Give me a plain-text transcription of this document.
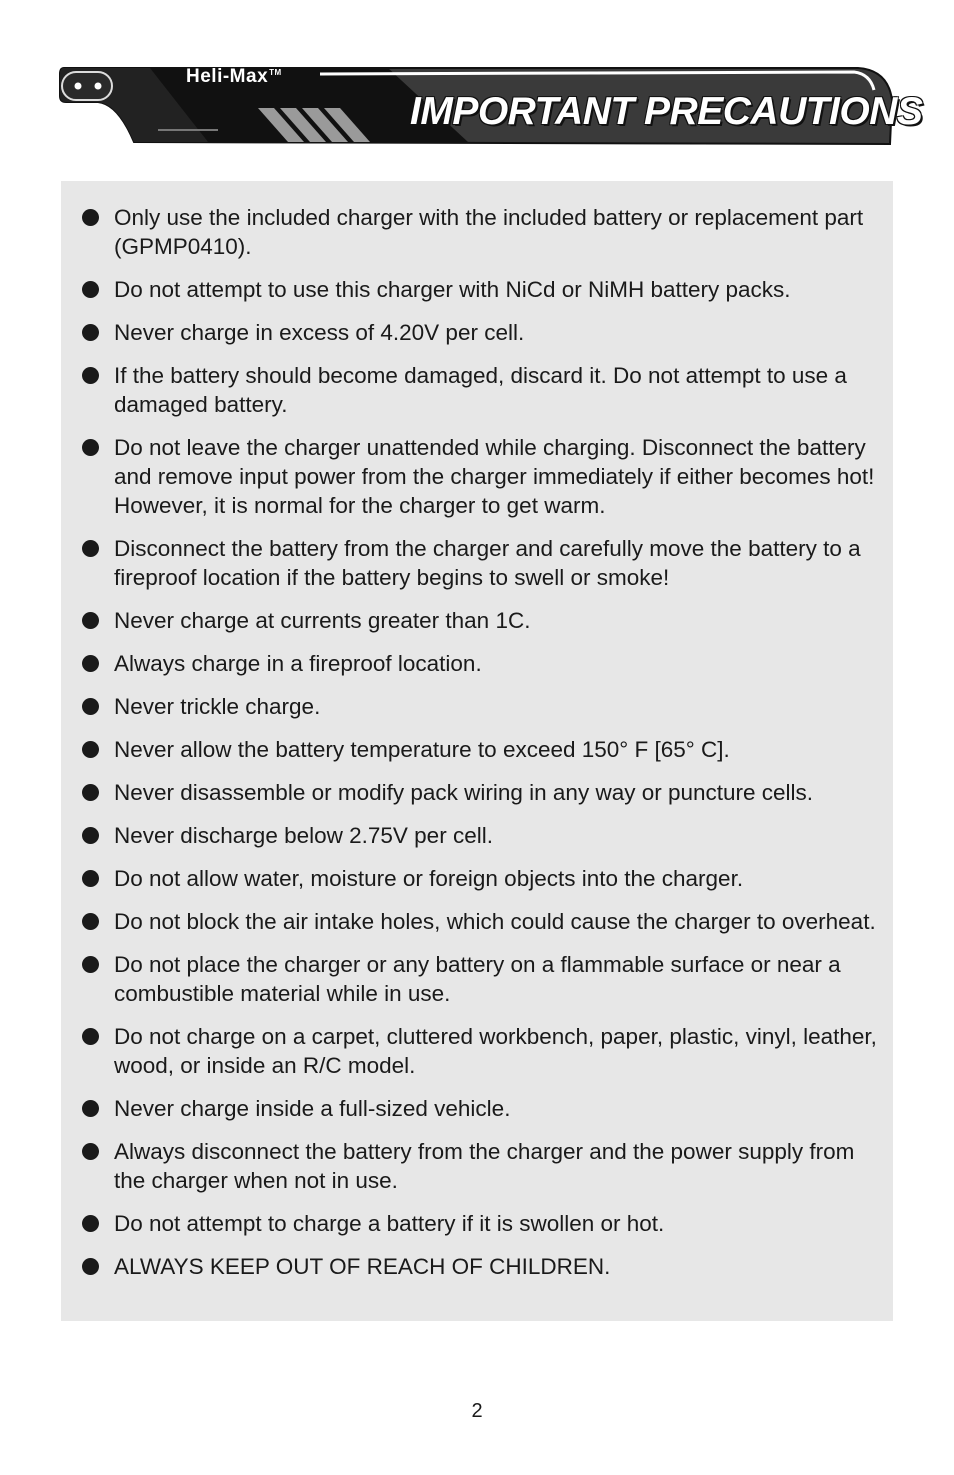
Heli-Max™
IMPORTANT PRECAUTIONS
Only use the included charger with the included battery or replacement part (GPMP0410).
Do not attempt to use this charger with NiCd or NiMH battery packs.
Never charge in excess of 4.20V per cell.
If the battery should become damaged, discard it. Do not attempt to use a damaged battery.
Do not leave the charger unattended while charging. Disconnect the battery and remove input power from the charger immediately if either becomes hot! However, it is normal for the charger to get warm.
Disconnect the battery from the charger and carefully move the battery to a fireproof location if the battery begins to swell or smoke!
Never charge at currents greater than 1C.
Always charge in a fireproof location.
Never trickle charge.
Never allow the battery temperature to exceed 150° F [65° C].
Never disassemble or modify pack wiring in any way or puncture cells.
Never discharge below 2.75V per cell.
Do not allow water, moisture or foreign objects into the charger.
Do not block the air intake holes, which could cause the charger to overheat.
Do not place the charger or any battery on a flammable surface or near a combustible material while in use.
Do not charge on a carpet, cluttered workbench, paper, plastic, vinyl, leather, wood, or inside an R/C model.
Never charge inside a full-sized vehicle.
Always disconnect the battery from the charger and the power supply from the charger when not in use.
Do not attempt to charge a battery if it is swollen or hot.
ALWAYS KEEP OUT OF REACH OF CHILDREN.
2
